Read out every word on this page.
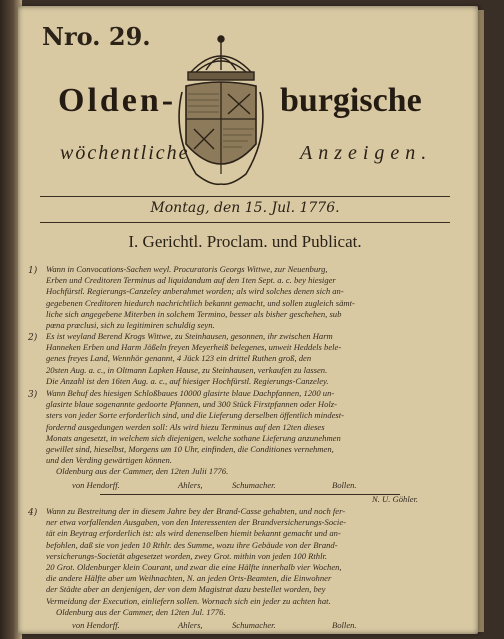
Nro. 29.
Olden-	burgische
wöchentliche	Anzeigen.
Montag, den 15. Jul. 1776.
I. Gerichtl. Proclam. und Publicat.
1) Wann in Convocations-Sachen weyl. Procuratoris Georgs Wittwe, zur Neuenburg,
Erben und Creditoren Terminus ad liquidandum auf den 1ten Sept. a. c. bey hiesiger
Hochfürstl. Regierungs-Canzeley anberahmet worden; als wird solches denen sich an-
gegebenen Creditoren hiedurch nachrichtlich bekannt gemacht, und sollen zugleich sämt-
liche sich angegebene Miterben in solchem Termino, besser als bisher geschehen, sub
pœna præclusi, sich zu legitimiren schuldig seyn.
2) Es ist weyland Berend Krogs Wittwe, zu Steinhausen, gesonnen, ihr zwischen Harm
Hanneken Erben und Harm Jößeln freyen Meyerheiß belegenes, unweit Heddels bele-
genes freyes Land, Wennhör genannt, 4 Jück 123 ein drittel Ruthen groß, den
20sten Aug. a. c., in Oltmann Lapken Hause, zu Steinhausen, verkaufen zu lassen.
Die Anzahl ist den 16ten Aug. a. c., auf hiesiger Hochfürstl. Regierungs-Canzeley.
3) Wann Behuf des hiesigen Schloßbaues 10000 glasirte blaue Dachpfannen, 1200 un-
glasirte blaue sogenannte gedoorte Pfannen, und 300 Stück Firstpfannen oder Holz-
sters von jeder Sorte erforderlich sind, und die Lieferung derselben öffentlich mindest-
fordernd ausgedungen werden soll: Als wird hiezu Terminus auf den 12ten dieses
Monats angesetzt, in welchem sich diejenigen, welche sothane Lieferung anzunehmen
gewillet sind, hieselbst, Morgens um 10 Uhr, einfinden, die Conditiones vernehmen,
und den Verding gewärtigen können.
Oldenburg aus der Cammer, den 12ten Julii 1776.
von Hendorff.	Ahlers,	Schumacher.	Bollen.
N. U. Göhler.
4) Wann zu Bestreitung der in diesem Jahre bey der Brand-Casse gehabten, und noch fer-
ner etwa vorfallenden Ausgaben, von den Interessenten der Brandversicherungs-Socie-
tät ein Beytrag erforderlich ist: als wird denenselben hiemit bekannt gemacht und an-
befohlen, daß sie von jeden 10 Rthlr. des Summe, wozu ihre Gebäude von der Brand-
versicherungs-Societät abgesetzet worden, zwey Grot. mithin von jeden 100 Rthlr.
20 Grot. Oldenburger klein Courant, und zwar die eine Hälfte innerhalb vier Wochen,
die andere Hälfte aber um Weihnachten, N. an jeden Orts-Beamten, die Einwohner
der Städte aber an denjenigen, der von dem Magistrat dazu bestellet worden, bey
Vermeidung der Execution, einliefern sollen. Wornach sich ein jeder zu achten hat.
Oldenburg aus der Cammer, den 12ten Jul. 1776.
von Hendorff.	Ahlers,	Schumacher.	Bollen.
